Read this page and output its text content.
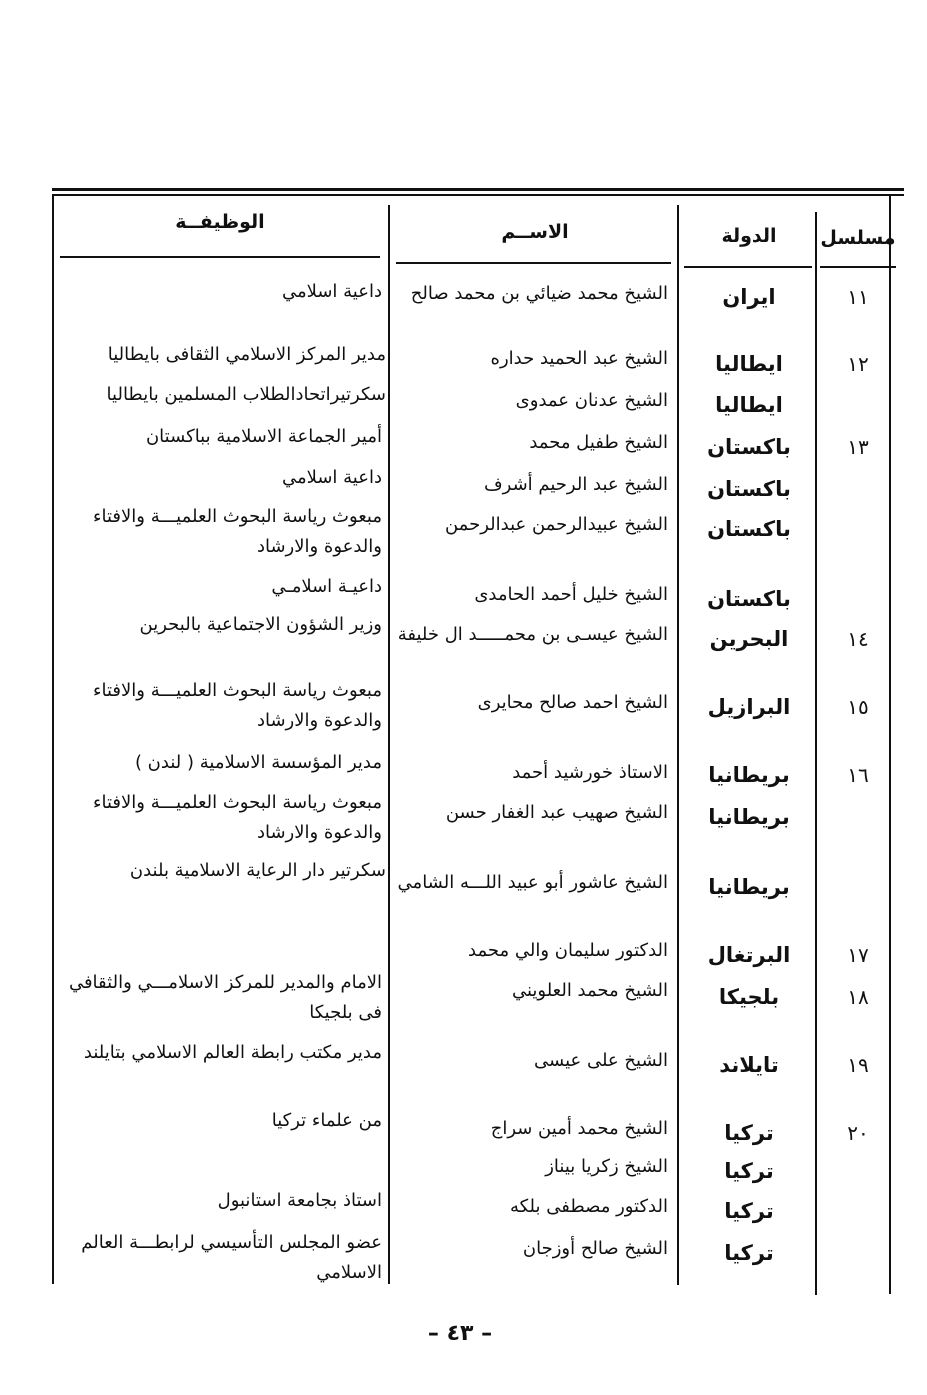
مسلسل
الدولة
الاســم
الوظيفــة
١١
ايران
الشيخ محمد ضيائي بن محمد صالح
داعية اسلامي
١٢
ايطاليا
الشيخ عبد الحميد حداره
مدير المركز الاسلامي الثقافى بايطاليا
ايطاليا
الشيخ عدنان عمدوى
سكرتيراتحادالطلاب المسلمين بايطاليا
١٣
باكستان
الشيخ طفيل محمد
أمير الجماعة الاسلامية بباكستان
باكستان
الشيخ عبد الرحيم أشرف
داعية اسلامي
باكستان
الشيخ عبيدالرحمن عبدالرحمن
مبعوث رياسة البحوث العلميـــة والافتاء والدعوة والارشاد
باكستان
الشيخ خليل أحمد الحامدى
داعيـة اسلامـي
١٤
البحرين
الشيخ عيسـى بن محمـــــد ال خليفة
وزير الشؤون الاجتماعية بالبحرين
١٥
البرازيل
الشيخ احمد صالح محايرى
مبعوث رياسة البحوث العلميـــة والافتاء والدعوة والارشاد
١٦
بريطانيا
الاستاذ خورشيد أحمد
مدير المؤسسة الاسلامية ( لندن )
بريطانيا
الشيخ صهيب عبد الغفار حسن
مبعوث رياسة البحوث العلميـــة والافتاء والدعوة والارشاد
بريطانيا
الشيخ عاشور أبو عبيد اللـــه الشامي
سكرتير دار الرعاية الاسلامية بلندن
١٧
البرتغال
الدكتور سليمان والي محمد
١٨
بلجيكا
الشيخ محمد العلويني
الامام والمدير للمركز الاسلامـــي والثقافي فى بلجيكا
١٩
تايلاند
الشيخ على عيسى
مدير مكتب رابطة العالم الاسلامي بتايلند
٢٠
تركيا
الشيخ محمد أمين سراج
من علماء تركيا
تركيا
الشيخ زكريا بيناز
تركيا
الدكتور مصطفى بلكه
استاذ بجامعة استانبول
تركيا
الشيخ صالح أوزجان
عضو المجلس التأسيسي لرابطـــة العالم الاسلامي
– ٤٣ –
